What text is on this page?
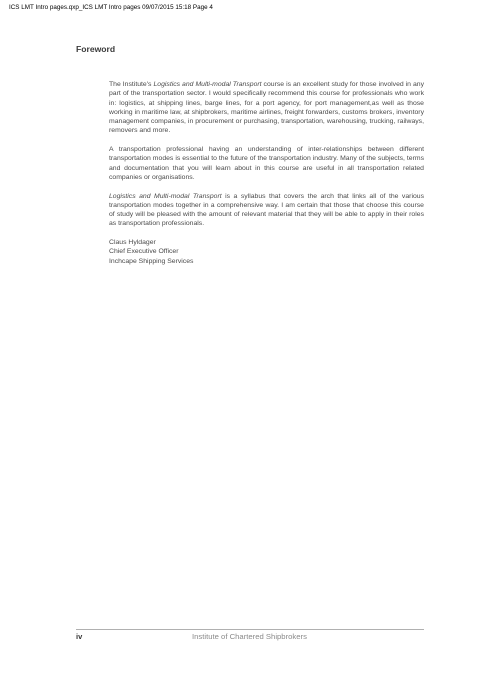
ICS LMT Intro pages.qxp_ICS LMT Intro pages 09/07/2015 15:18 Page 4
Foreword

The Institute's Logistics and Multi-modal Transport course is an excellent study for those involved in any part of the transportation sector. I would specifically recommend this course for professionals who work in: logistics, at shipping lines, barge lines, for a port agency, for port management,as well as those working in maritime law, at shipbrokers, maritime airlines, freight forwarders, customs brokers, inventory management companies, in procurement or purchasing, transportation, warehousing, trucking, railways, removers and more.

A transportation professional having an understanding of inter-relationships between different transportation modes is essential to the future of the transportation industry. Many of the subjects, terms and documentation that you will learn about in this course are useful in all transportation related companies or organisations.

Logistics and Multi-modal Transport is a syllabus that covers the arch that links all of the various transportation modes together in a comprehensive way. I am certain that those that choose this course of study will be pleased with the amount of relevant material that they will be able to apply in their roles as transportation professionals.

Claus Hyldager
Chief Executive Officer
Inchcape Shipping Services
iv	Institute of Chartered Shipbrokers
